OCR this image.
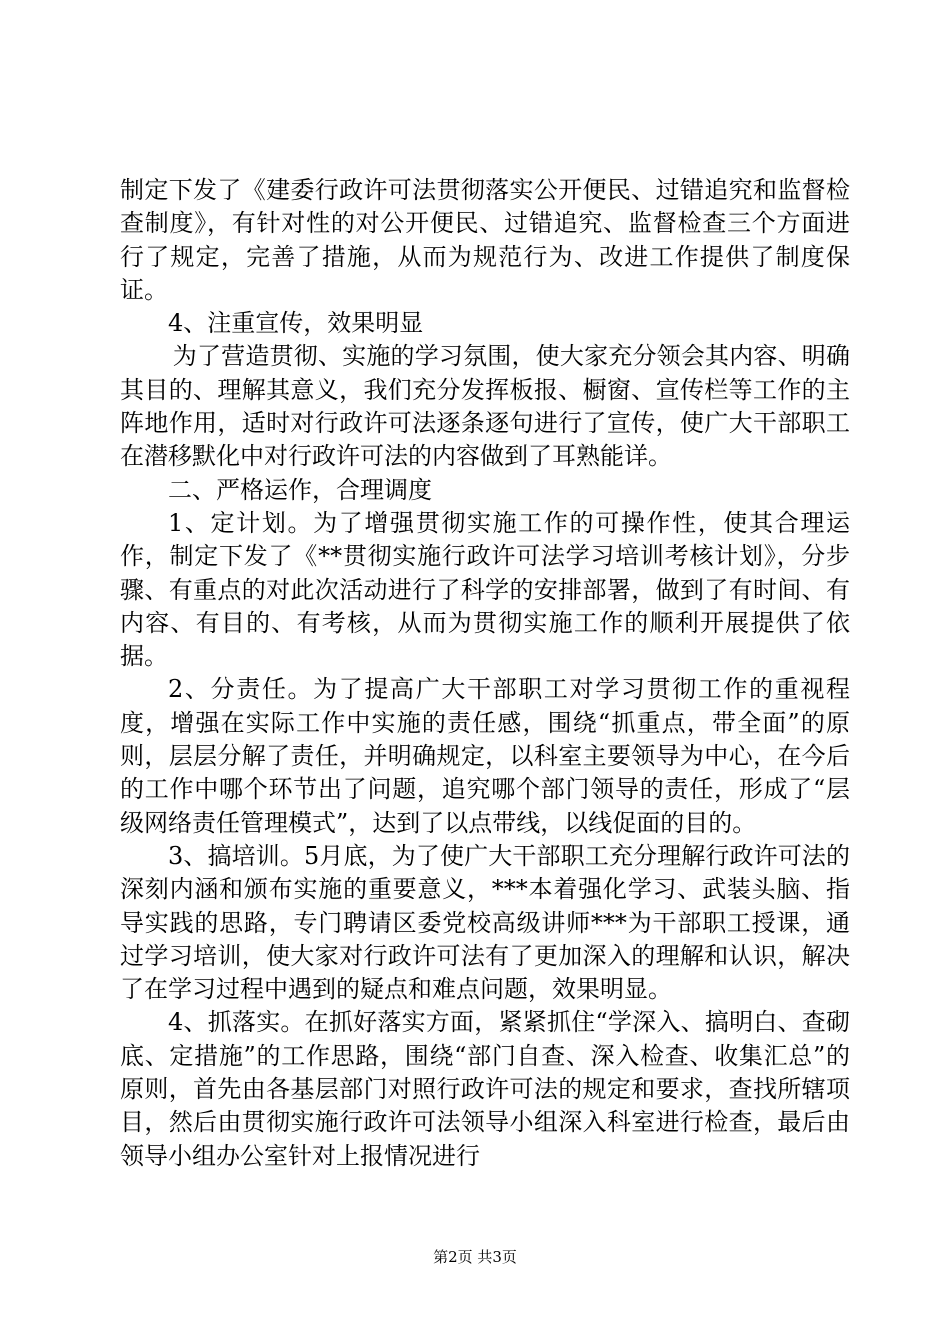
制定下发了《建委行政许可法贯彻落实公开便民、过错追究和监督检查制度》，有针对性的对公开便民、过错追究、监督检查三个方面进行了规定，完善了措施，从而为规范行为、改进工作提供了制度保证。

4、注重宣传，效果明显

为了营造贯彻、实施的学习氛围，使大家充分领会其内容、明确其目的、理解其意义，我们充分发挥板报、橱窗、宣传栏等工作的主阵地作用，适时对行政许可法逐条逐句进行了宣传，使广大干部职工在潜移默化中对行政许可法的内容做到了耳熟能详。

二、严格运作，合理调度

1、定计划。为了增强贯彻实施工作的可操作性，使其合理运作，制定下发了《**贯彻实施行政许可法学习培训考核计划》，分步骤、有重点的对此次活动进行了科学的安排部署，做到了有时间、有内容、有目的、有考核，从而为贯彻实施工作的顺利开展提供了依据。

2、分责任。为了提高广大干部职工对学习贯彻工作的重视程度，增强在实际工作中实施的责任感，围绕“抓重点，带全面”的原则，层层分解了责任，并明确规定，以科室主要领导为中心，在今后的工作中哪个环节出了问题，追究哪个部门领导的责任，形成了“层级网络责任管理模式”，达到了以点带线，以线促面的目的。

3、搞培训。5月底，为了使广大干部职工充分理解行政许可法的深刻内涵和颁布实施的重要意义，***本着强化学习、武装头脑、指导实践的思路，专门聘请区委党校高级讲师***为干部职工授课，通过学习培训，使大家对行政许可法有了更加深入的理解和认识，解决了在学习过程中遇到的疑点和难点问题，效果明显。

4、抓落实。在抓好落实方面，紧紧抓住“学深入、搞明白、查砌底、定措施”的工作思路，围绕“部门自查、深入检查、收集汇总”的原则，首先由各基层部门对照行政许可法的规定和要求，查找所辖项目，然后由贯彻实施行政许可法领导小组深入科室进行检查，最后由领导小组办公室针对上报情况进行

第2页 共3页
